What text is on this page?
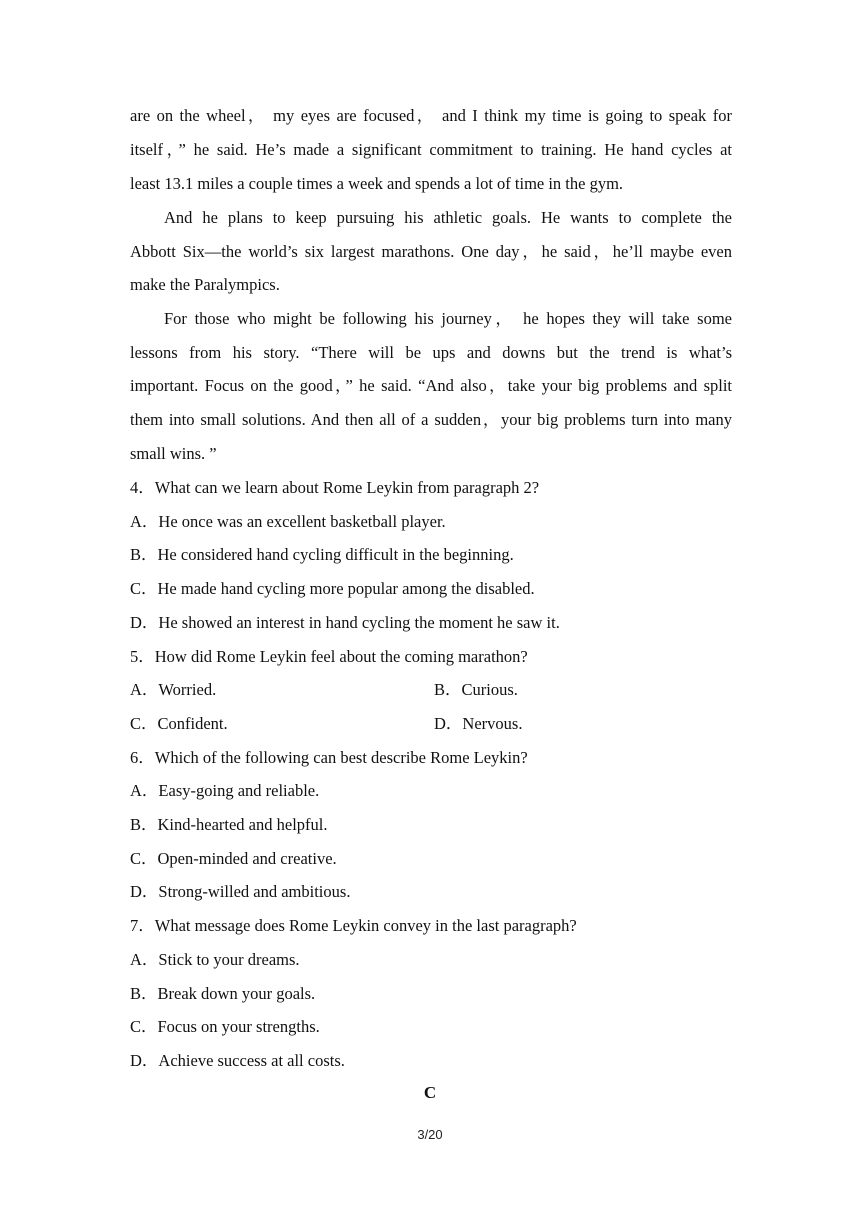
are on the wheel， my eyes are focused， and I think my time is going to speak for
itself，” he said. He’s made a significant commitment to training. He hand cycles at
least 13.1 miles a couple times a week and spends a lot of time in the gym.
And he plans to keep pursuing his athletic goals. He wants to complete the
Abbott Six—the world’s six largest marathons. One day，he said，he’ll maybe even
make the Paralympics.
For those who might be following his journey， he hopes they will take some
lessons from his story. “There will be ups and downs but the trend is what’s
important. Focus on the good，” he said. “And also，take your big problems and split
them into small solutions. And then all of a sudden，your big problems turn into many
small wins. ”
4．What can we learn about Rome Leykin from paragraph 2?
A．He once was an excellent basketball player.
B．He considered hand cycling difficult in the beginning.
C．He made hand cycling more popular among the disabled.
D．He showed an interest in hand cycling the moment he saw it.
5．How did Rome Leykin feel about the coming marathon?
A．Worried.	B．Curious.
C．Confident.	D．Nervous.
6．Which of the following can best describe Rome Leykin?
A．Easy-going and reliable.
B．Kind-hearted and helpful.
C．Open-minded and creative.
D．Strong-willed and ambitious.
7．What message does Rome Leykin convey in the last paragraph?
A．Stick to your dreams.
B．Break down your goals.
C．Focus on your strengths.
D．Achieve success at all costs.
C
3/20
